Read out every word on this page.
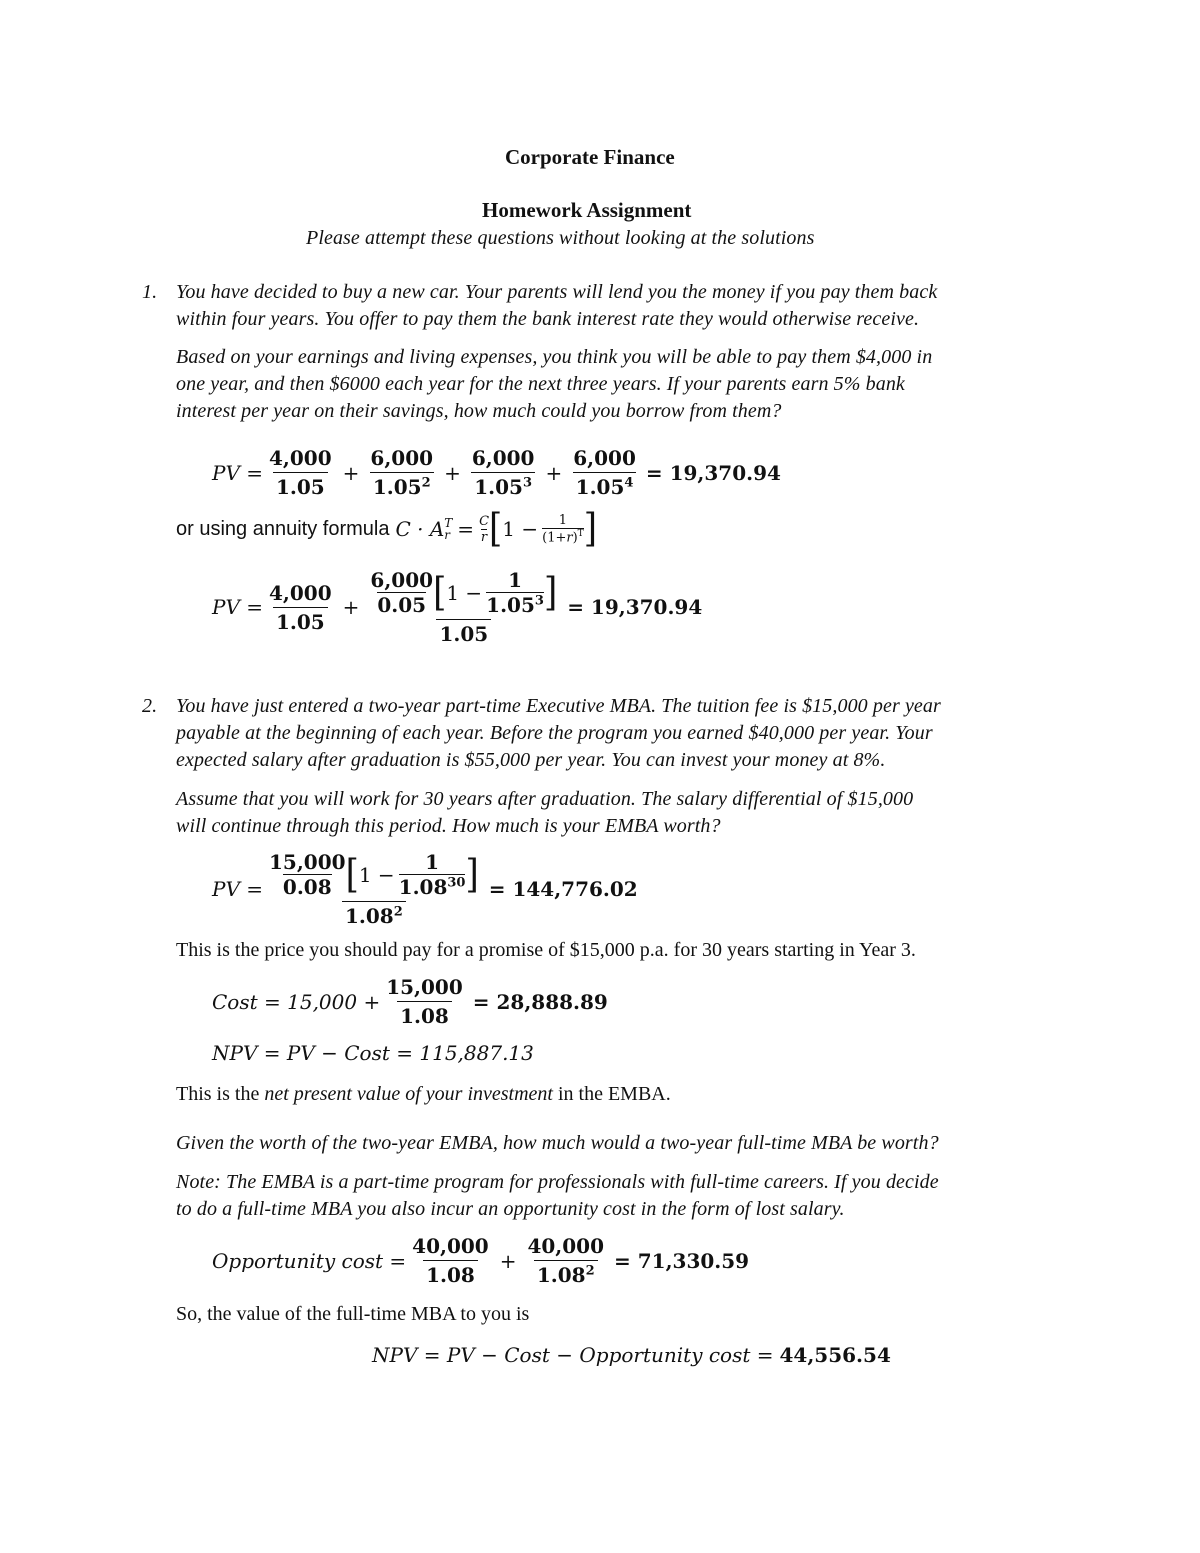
Corporate Finance
Homework Assignment
Please attempt these questions without looking at the solutions
1. You have decided to buy a new car. Your parents will lend you the money if you pay them back
within four years. You offer to pay them the bank interest rate they would otherwise receive.
Based on your earnings and living expenses, you think you will be able to pay them $4,000 in
one year, and then $6000 each year for the next three years. If your parents earn 5% bank
interest per year on their savings, how much could you borrow from them?
PV = $\frac{4,000}{1.05} + \frac{6,000}{1.05^2} + \frac{6,000}{1.05^3} + \frac{6,000}{1.05^4} = 19,370.94$
or using annuity formula C · A T
$r = \frac{C}{r}$ [ $1 - \frac{1}{(1+r)^T}$ ]
PV = $\frac{4,000}{1.05} + 6,000$
0.05 [ $1 - \frac{1}{1.05^3}$ ]
1.05 = 19,370.94
2. You have just entered a two-year part-time Executive MBA. The tuition fee is $15,000 per year
payable at the beginning of each year. Before the program you earned $40,000 per year. Your
expected salary after graduation is $55,000 per year. You can invest your money at 8%.
Assume that you will work for 30 years after graduation. The salary differential of $15,000
will continue through this period. How much is your EMBA worth?
PV = 15,000
0.08 [ $1 - \frac{1}{1.08^{30}}$ ]
$1.08^2 = 144,776.02$
This is the price you should pay for a promise of $15,000 p.a. for 30 years starting in Year 3.
Cost = $15,000 + \frac{15,000}{1.08} = 28,888.89$
NPV = PV − Cost = 115,887.13
This is the net present value of your investment in the EMBA.
Given the worth of the two-year EMBA, how much would a two-year full-time MBA be worth?
Note: The EMBA is a part-time program for professionals with full-time careers. If you decide
to do a full-time MBA you also incur an opportunity cost in the form of lost salary.
Opportunity $\cos t = \frac{40,000}{1.08} + \frac{40,000}{1.08^2} = 71,330.59$
So, the value of the full-time MBA to you is
NPV = PV − Cost − Opportunity cost = 44,556.54
